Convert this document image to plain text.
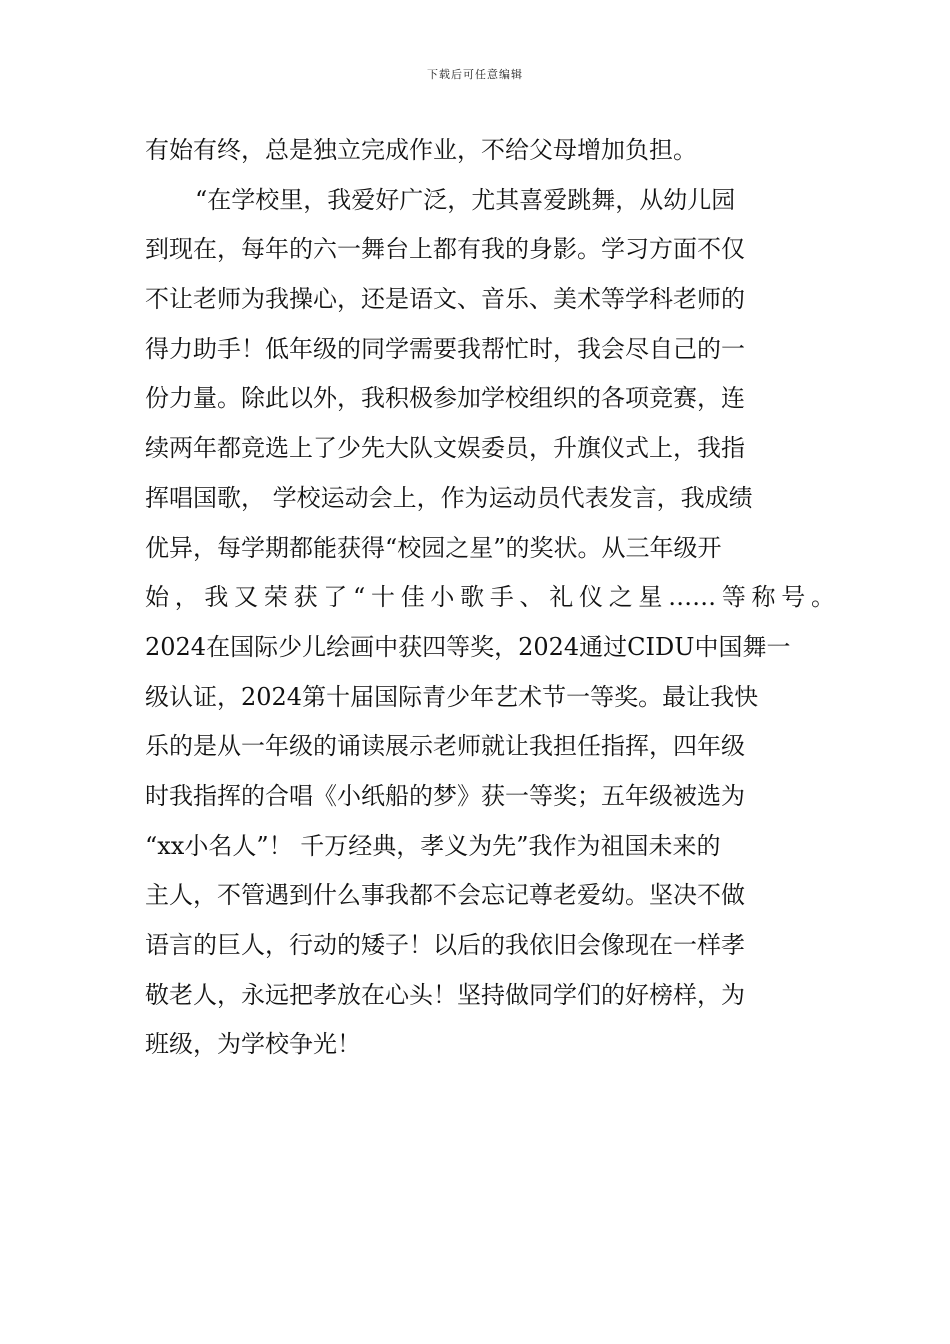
下载后可任意编辑
有始有终，总是独立完成作业，不给父母增加负担。
“在学校里，我爱好广泛，尤其喜爱跳舞，从幼儿园
到现在，每年的六一舞台上都有我的身影。学习方面不仅
不让老师为我操心，还是语文、音乐、美术等学科老师的
得力助手！低年级的同学需要我帮忙时，我会尽自己的一
份力量。除此以外，我积极参加学校组织的各项竞赛，连
续两年都竞选上了少先大队文娱委员，升旗仪式上，我指
挥唱国歌， 学校运动会上，作为运动员代表发言，我成绩
优异，每学期都能获得“校园之星”的奖状。从三年级开
始，我又荣获了“十佳小歌手、礼仪之星……等称号。
2024在国际少儿绘画中获四等奖，2024通过CIDU中国舞一
级认证，2024第十届国际青少年艺术节一等奖。最让我快
乐的是从一年级的诵读展示老师就让我担任指挥，四年级
时我指挥的合唱《小纸船的梦》获一等奖；五年级被选为
“xx小名人”！ 千万经典，孝义为先”我作为祖国未来的
主人，不管遇到什么事我都不会忘记尊老爱幼。坚决不做
语言的巨人，行动的矮子！以后的我依旧会像现在一样孝
敬老人，永远把孝放在心头！坚持做同学们的好榜样，为
班级，为学校争光！
